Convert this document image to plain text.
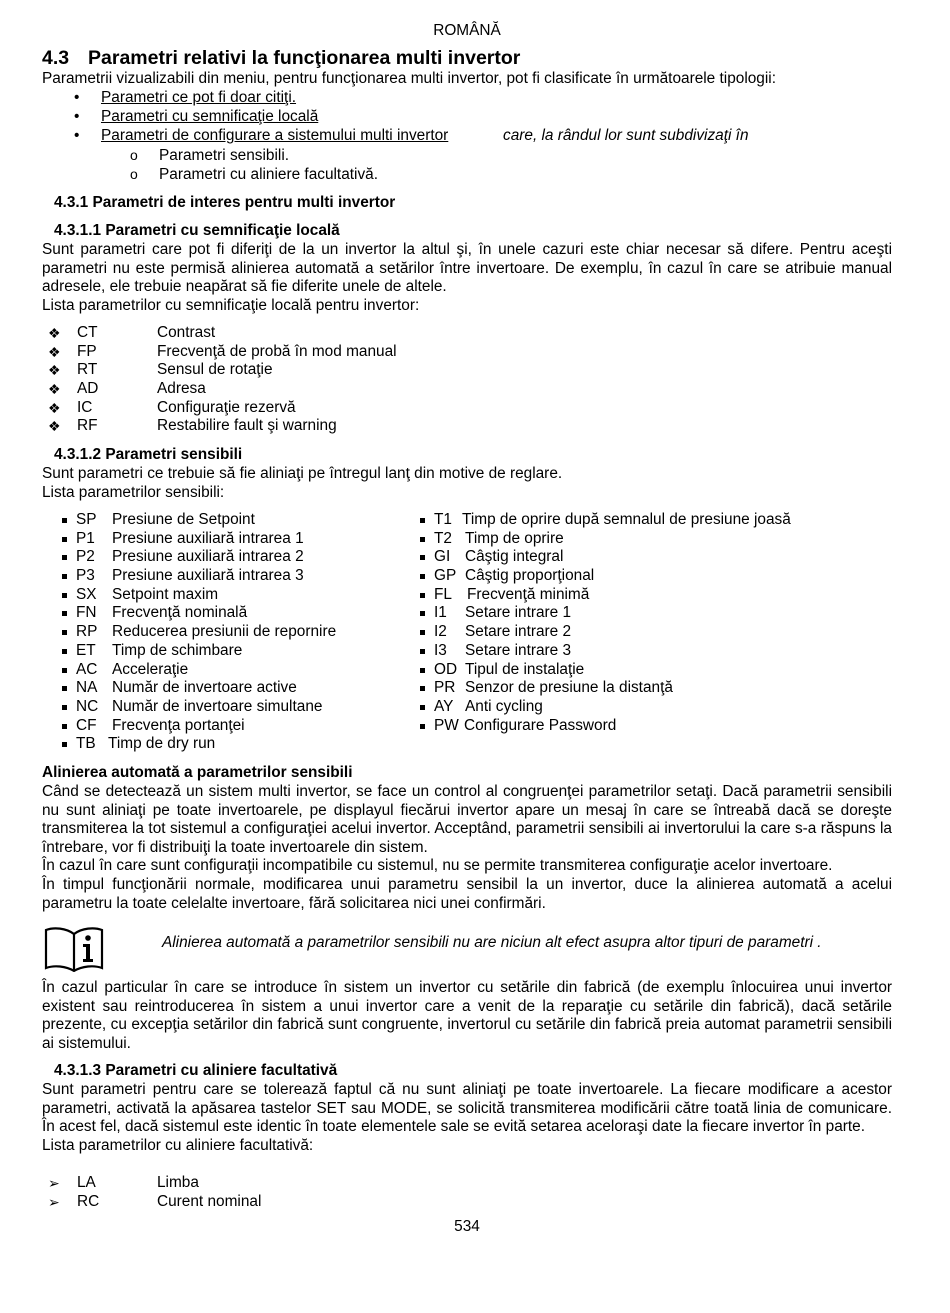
ROMÂNĂ
4.3 Parametri relativi la funcţionarea multi invertor
Parametrii vizualizabili din meniu, pentru funcţionarea multi invertor, pot fi clasificate în următoarele tipologii:
• Parametri ce pot fi doar citiţi.
• Parametri cu semnificaţie locală
• Parametri de configurare a sistemului multi invertor	care, la rândul lor sunt subdivizaţi în
o Parametri sensibili.
o Parametri cu aliniere facultativă.
4.3.1 Parametri de interes pentru multi invertor
4.3.1.1 Parametri cu semnificaţie locală

Sunt parametri care pot fi diferiţi de la un invertor la altul şi, în unele cazuri este chiar necesar să difere. Pentru aceşti parametri nu este permisă alinierea automată a setărilor între invertoare. De exemplu, în cazul în care se atribuie manual adresele, ele trebuie neapărat să fie diferite unele de altele.

Lista parametrilor cu semnificaţie locală pentru invertor:

❖ CT	Contrast
❖ FP	Frecvenţă de probă în mod manual
❖ RT	Sensul de rotaţie
❖ AD	Adresa
❖ IC	Configuraţie rezervă
❖ RF	Restabilire fault şi warning
4.3.1.2 Parametri sensibili

Sunt parametri ce trebuie să fie aliniaţi pe întregul lanţ din motive de reglare.

Lista parametrilor sensibili:

SP Presiune de Setpoint
P1 Presiune auxiliară intrarea 1
P2 Presiune auxiliară intrarea 2
P3 Presiune auxiliară intrarea 3
SX Setpoint maxim
FN Frecvenţă nominală
RP Reducerea presiunii de repornire
ET Timp de schimbare
AC Acceleraţie
NA Număr de invertoare active
NC Număr de invertoare simultane
CF Frecvenţa portanţei
TB Timp de dry run
T1 Timp de oprire după semnalul de presiune joasă
T2 Timp de oprire
GI Câştig integral
GP Câştig proporţional
FL Frecvenţă minimă
I1 Setare intrare 1
I2 Setare intrare 2
I3 Setare intrare 3
OD Tipul de instalaţie
PR Senzor de presiune la distanţă
AY Anti cycling
PW Configurare Password
Alinierea automată a parametrilor sensibili

Când se detectează un sistem multi invertor, se face un control al congruenţei parametrilor setaţi. Dacă parametrii sensibili nu sunt aliniaţi pe toate invertoarele, pe displayul fiecărui invertor apare un mesaj în care se întreabă dacă se doreşte transmiterea la tot sistemul a configuraţiei acelui invertor. Acceptând, parametrii sensibili ai invertorului la care s-a răspuns la întrebare, vor fi distribuiţi la toate invertoarele din sistem.

În cazul în care sunt configuraţii incompatibile cu sistemul, nu se permite transmiterea configuraţie acelor invertoare.

În timpul funcţionării normale, modificarea unui parametru sensibil la un invertor, duce la alinierea automată a acelui parametru la toate celelalte invertoare, fără solicitarea nici unei confirmări.

Alinierea automată a parametrilor sensibili nu are niciun alt efect asupra altor tipuri de parametri .
În cazul particular în care se introduce în sistem un invertor cu setările din fabrică (de exemplu înlocuirea unui invertor existent sau reintroducerea în sistem a unui invertor care a venit de la reparaţie cu setările din fabrică), dacă setările prezente, cu excepţia setărilor din fabrică sunt congruente, invertorul cu setările din fabrică preia automat parametrii sensibili ai sistemului.
4.3.1.3 Parametri cu aliniere facultativă

Sunt parametri pentru care se tolerează faptul că nu sunt aliniaţi pe toate invertoarele. La fiecare modificare a acestor parametri, activată la apăsarea tastelor SET sau MODE, se solicită transmiterea modificării către toată linia de comunicare. În acest fel, dacă sistemul este identic în toate elementele sale se evită setarea aceloraşi date la fiecare invertor în parte.

Lista parametrilor cu aliniere facultativă:

➢ LA	Limba
➢ RC	Curent nominal
534
